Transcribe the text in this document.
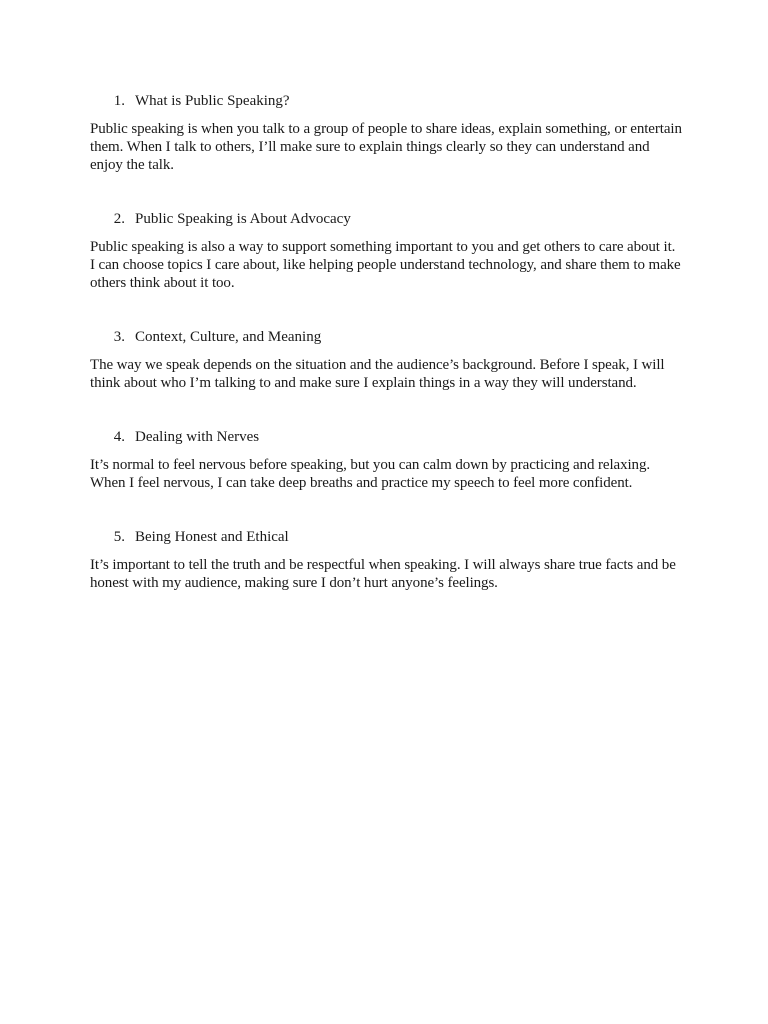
1. What is Public Speaking?

Public speaking is when you talk to a group of people to share ideas, explain something, or entertain them. When I talk to others, I’ll make sure to explain things clearly so they can understand and enjoy the talk.

2. Public Speaking is About Advocacy

Public speaking is also a way to support something important to you and get others to care about it. I can choose topics I care about, like helping people understand technology, and share them to make others think about it too.

3. Context, Culture, and Meaning

The way we speak depends on the situation and the audience’s background. Before I speak, I will think about who I’m talking to and make sure I explain things in a way they will understand.

4. Dealing with Nerves

It’s normal to feel nervous before speaking, but you can calm down by practicing and relaxing. When I feel nervous, I can take deep breaths and practice my speech to feel more confident.

5. Being Honest and Ethical

It’s important to tell the truth and be respectful when speaking. I will always share true facts and be honest with my audience, making sure I don’t hurt anyone’s feelings.
